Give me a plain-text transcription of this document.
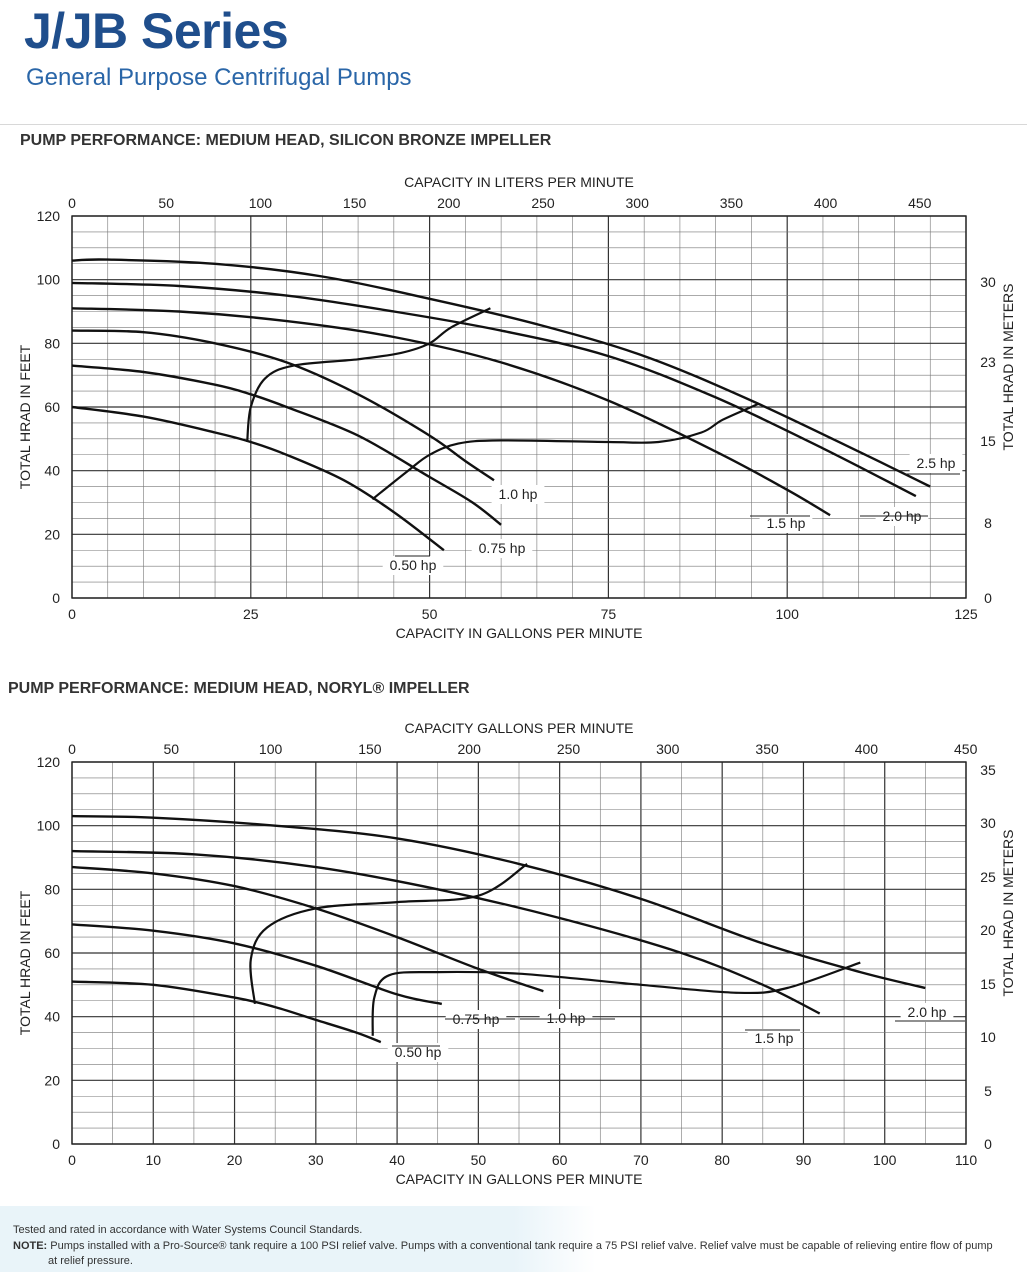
J/JB Series

General Purpose Centrifugal Pumps

PUMP PERFORMANCE: MEDIUM HEAD, SILICON BRONZE IMPELLER
0	25	50	75	100	125
0
20
40
60
80
100
120
0	50	100	150	200	250	300	350	400	450
0
8
15
23
30
CAPACITY IN GALLONS PER MINUTE
CAPACITY IN LITERS PER MINUTE
TOTAL HRAD IN FEET	TOTAL HRAD IN METERS
0.50 hp
0.75 hp
1.0 hp
1.5 hp	2.0 hp
2.5 hp
PUMP PERFORMANCE: MEDIUM HEAD, NORYL® IMPELLER
0	10	20	30	40	50	60	70	80	90	100	110
0
20
40
60
80
100
120
0	50	100	150	200	250	300	350	400	450
0
5
10
15
20
25
30
35
CAPACITY IN GALLONS PER MINUTE
CAPACITY GALLONS PER MINUTE
TOTAL HRAD IN FEET	TOTAL HRAD IN METERS
0.50 hp
0.75 hp	1.0 hp
1.5 hp
2.0 hp

Tested and rated in accordance with Water Systems Council Standards.

NOTE: Pumps installed with a Pro-Source® tank require a 100 PSI relief valve. Pumps with a conventional tank require a 75 PSI relief valve. Relief valve must be capable of relieving entire flow of pump

at relief pressure.
